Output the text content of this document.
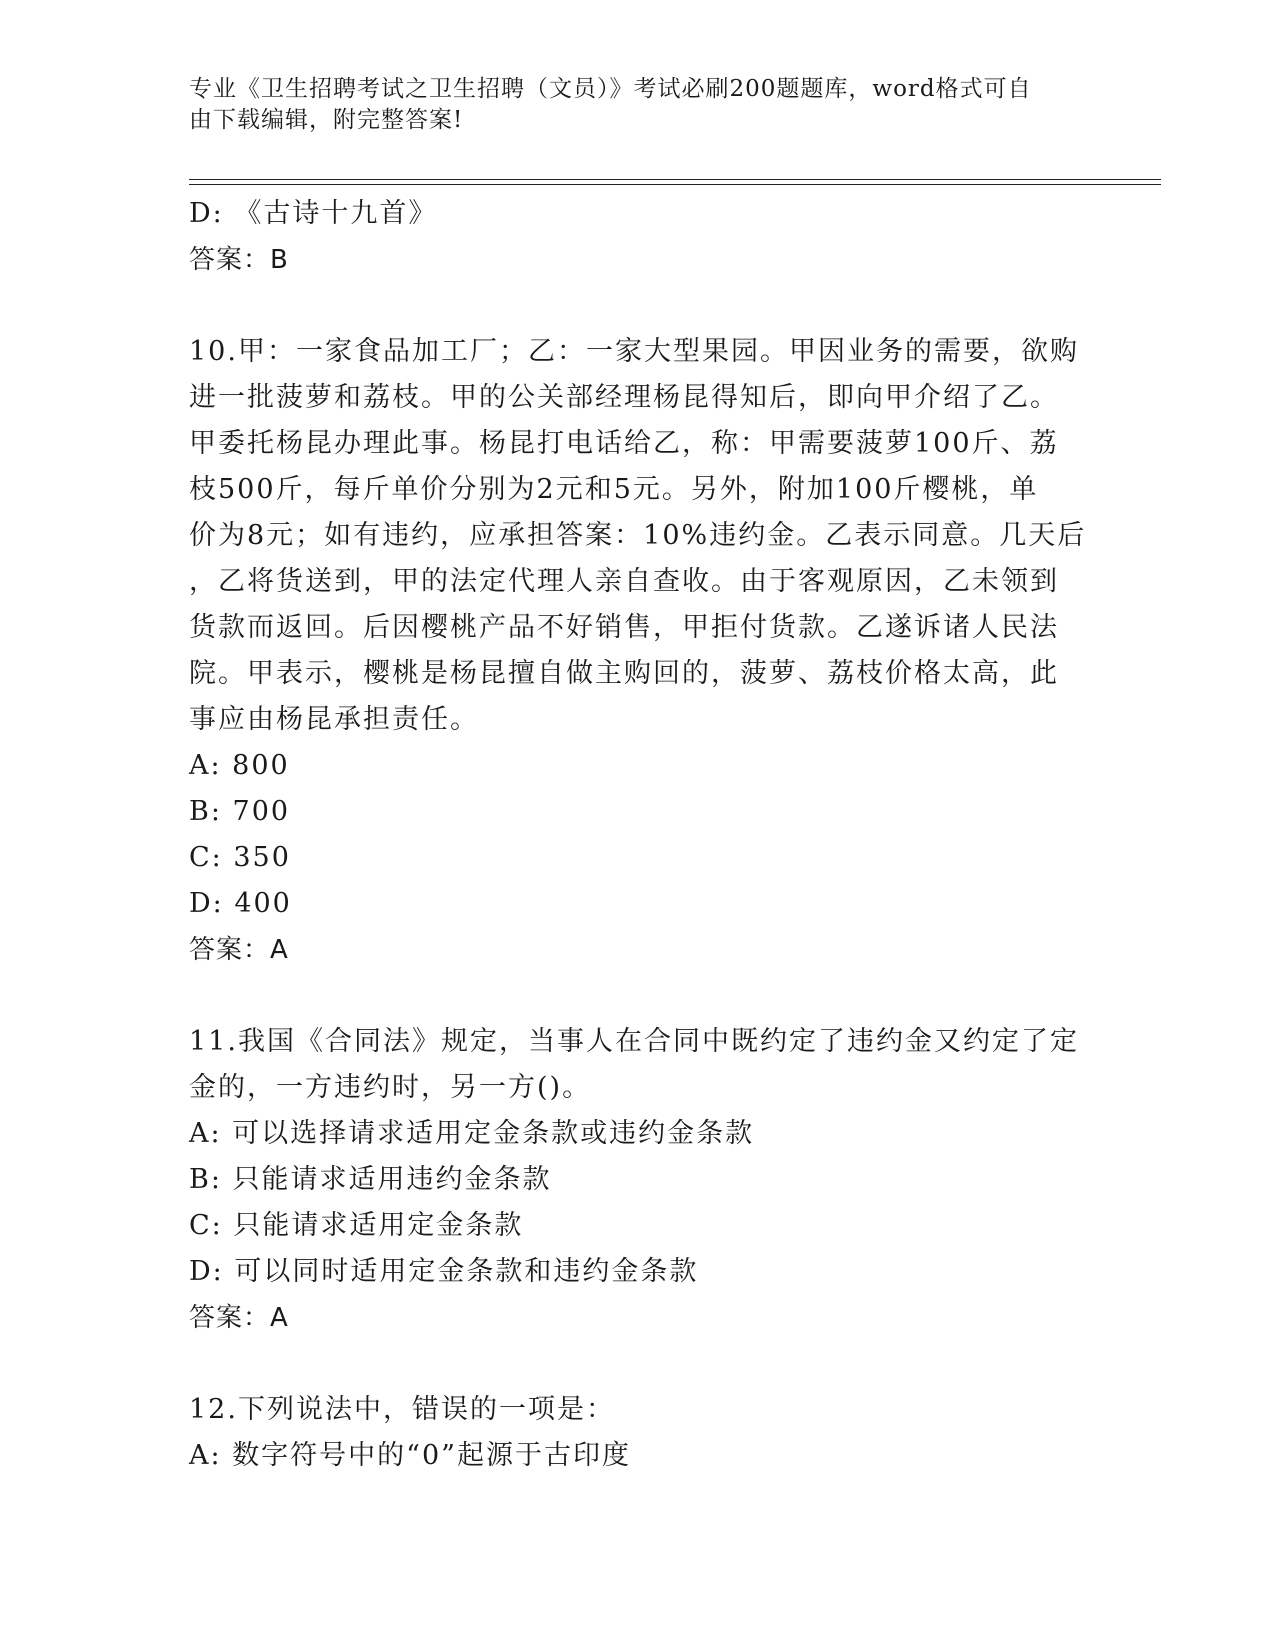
专业《卫生招聘考试之卫生招聘（文员）》考试必刷200题题库，word格式可自
由下载编辑，附完整答案!
D: 《古诗十九首》
答案：B
10.甲：一家食品加工厂；乙：一家大型果园。甲因业务的需要，欲购
进一批菠萝和荔枝。甲的公关部经理杨昆得知后，即向甲介绍了乙。
甲委托杨昆办理此事。杨昆打电话给乙，称：甲需要菠萝100斤、荔
枝500斤，每斤单价分别为2元和5元。另外，附加100斤樱桃，单
价为8元；如有违约，应承担答案：10%违约金。乙表示同意。几天后
，乙将货送到，甲的法定代理人亲自查收。由于客观原因，乙未领到
货款而返回。后因樱桃产品不好销售，甲拒付货款。乙遂诉诸人民法
院。甲表示，樱桃是杨昆擅自做主购回的，菠萝、荔枝价格太高，此
事应由杨昆承担责任。
A: 800
B: 700
C: 350
D: 400
答案：A
11.我国《合同法》规定，当事人在合同中既约定了违约金又约定了定
金的，一方违约时，另一方()。
A: 可以选择请求适用定金条款或违约金条款
B: 只能请求适用违约金条款
C: 只能请求适用定金条款
D: 可以同时适用定金条款和违约金条款
答案：A
12.下列说法中，错误的一项是：
A: 数字符号中的“0”起源于古印度
